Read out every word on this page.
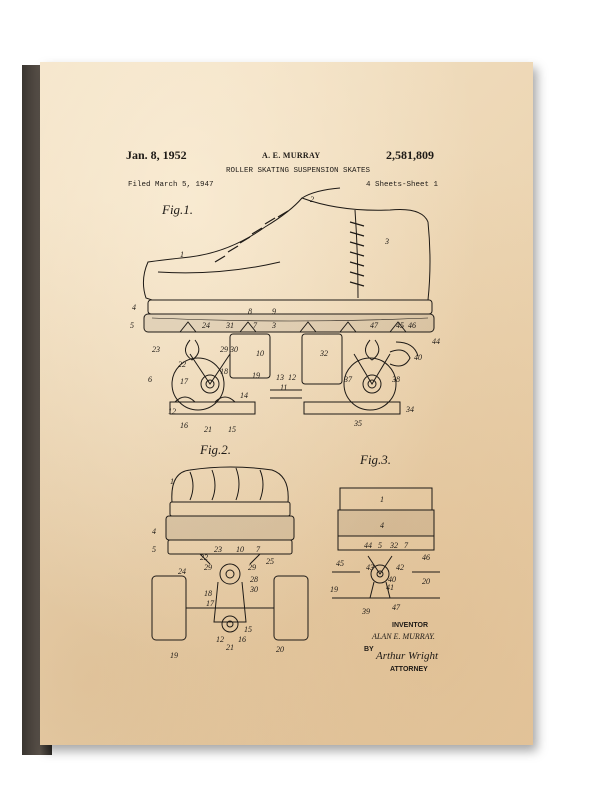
Jan. 8, 1952	A. E. MURRAY	2,581,809
ROLLER SKATING SUSPENSION SKATES
Filed March 5, 1947	4 Sheets-Sheet 1
Fig.1.
2
3
1
4
5
8	9
24 31 7 3	47 45 46
44
23	29 30 10	32	40
22
18	19
6	17	13 12
11
37	38
14
12	34
16 21 15
35
Fig.2.
1
4
5	23 10 7
22
29	29
24
25
28
30
18
17
15
12
21
16
19
20
Fig.3.
1
4
44 5 32 7
46
45	43	42
40
41
19
20
39	47
INVENTOR
ALAN E. MURRAY.
BY
Arthur Wright
ATTORNEY
